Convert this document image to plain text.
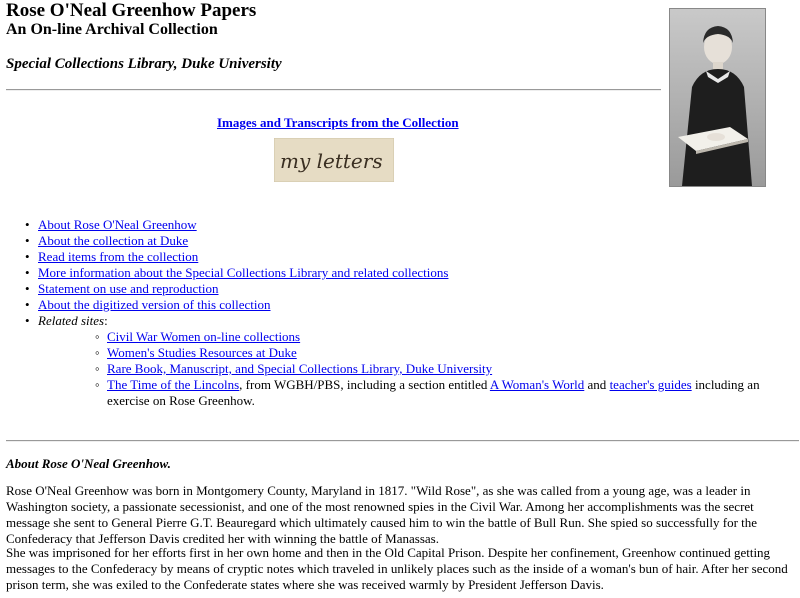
Rose O'Neal Greenhow Papers
An On-line Archival Collection
Special Collections Library, Duke University
Images and Transcripts from the Collection
my letters
• About Rose O'Neal Greenhow
• About the collection at Duke
• Read items from the collection
• More information about the Special Collections Library and related collections
• Statement on use and reproduction
• About the digitized version of this collection
• Related sites:
◦ Civil War Women on-line collections
◦ Women's Studies Resources at Duke
◦ Rare Book, Manuscript, and Special Collections Library, Duke University
◦ The Time of the Lincolns, from WGBH/PBS, including a section entitled A Woman's World and teacher's guides including an exercise on Rose Greenhow.
About Rose O'Neal Greenhow.

Rose O'Neal Greenhow was born in Montgomery County, Maryland in 1817. "Wild Rose", as she was called from a young age, was a leader in Washington society, a passionate secessionist, and one of the most renowned spies in the Civil War. Among her accomplishments was the secret message she sent to General Pierre G.T. Beauregard which ultimately caused him to win the battle of Bull Run. She spied so successfully for the Confederacy that Jefferson Davis credited her with winning the battle of Manassas.

She was imprisoned for her efforts first in her own home and then in the Old Capital Prison. Despite her confinement, Greenhow continued getting messages to the Confederacy by means of cryptic notes which traveled in unlikely places such as the inside of a woman's bun of hair. After her second prison term, she was exiled to the Confederate states where she was received warmly by President Jefferson Davis.
